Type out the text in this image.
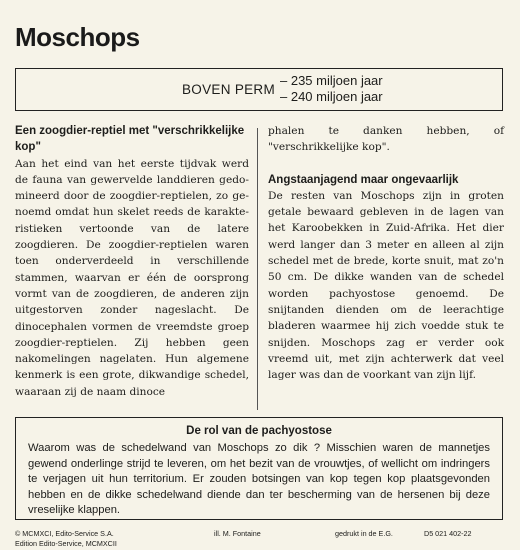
Moschops
BOVEN PERM
– 235 miljoen jaar
– 240 miljoen jaar
Een zoogdier-reptiel met "verschrikkelijke kop"

Aan het eind van het eerste tijdvak werd de fauna van gewervelde landdieren gedomineerd door de zoogdier-reptielen, zo genoemd omdat hun skelet reeds de karakteristieken vertoonde van de latere zoogdieren. De zoogdier-reptielen waren toen onderverdeeld in verschillende stammen, waarvan er één de oorsprong vormt van de zoogdieren, de anderen zijn uitgestorven zonder nageslacht. De dinocephalen vormen de vreemdste groep zoogdier-reptielen. Zij hebben geen nakomelingen nagelaten. Hun algemene kenmerk is een grote, dikwandige schedel, waaraan zij de naam dinoce

phalen te danken hebben, of "verschrikkelijke kop".

Angstaanjagend maar ongevaarlijk

De resten van Moschops zijn in groten getale bewaard gebleven in de lagen van het Karoobekken in Zuid-Afrika. Het dier werd langer dan 3 meter en alleen al zijn schedel met de brede, korte snuit, mat zo'n 50 cm. De dikke wanden van de schedel worden pachyostose genoemd. De snijtanden dienden om de leerachtige bladeren waarmee hij zich voedde stuk te snijden. Moschops zag er verder ook vreemd uit, met zijn achterwerk dat veel lager was dan de voorkant van zijn lijf.

De rol van de pachyostose

Waarom was de schedelwand van Moschops zo dik ? Misschien waren de mannetjes gewend onderlinge strijd te leveren, om het bezit van de vrouwtjes, of wellicht om indringers te verjagen uit hun territorium. Er zouden botsingen van kop tegen kop plaatsgevonden hebben en de dikke schedelwand diende dan ter bescherming van de hersenen bij deze vreselijke klappen.

© MCMXCI, Edito-Service S.A.
Edition Edito-Service, MCMXCII
ill. M. Fontaine	gedrukt in de E.G.	D5 021 402-22
